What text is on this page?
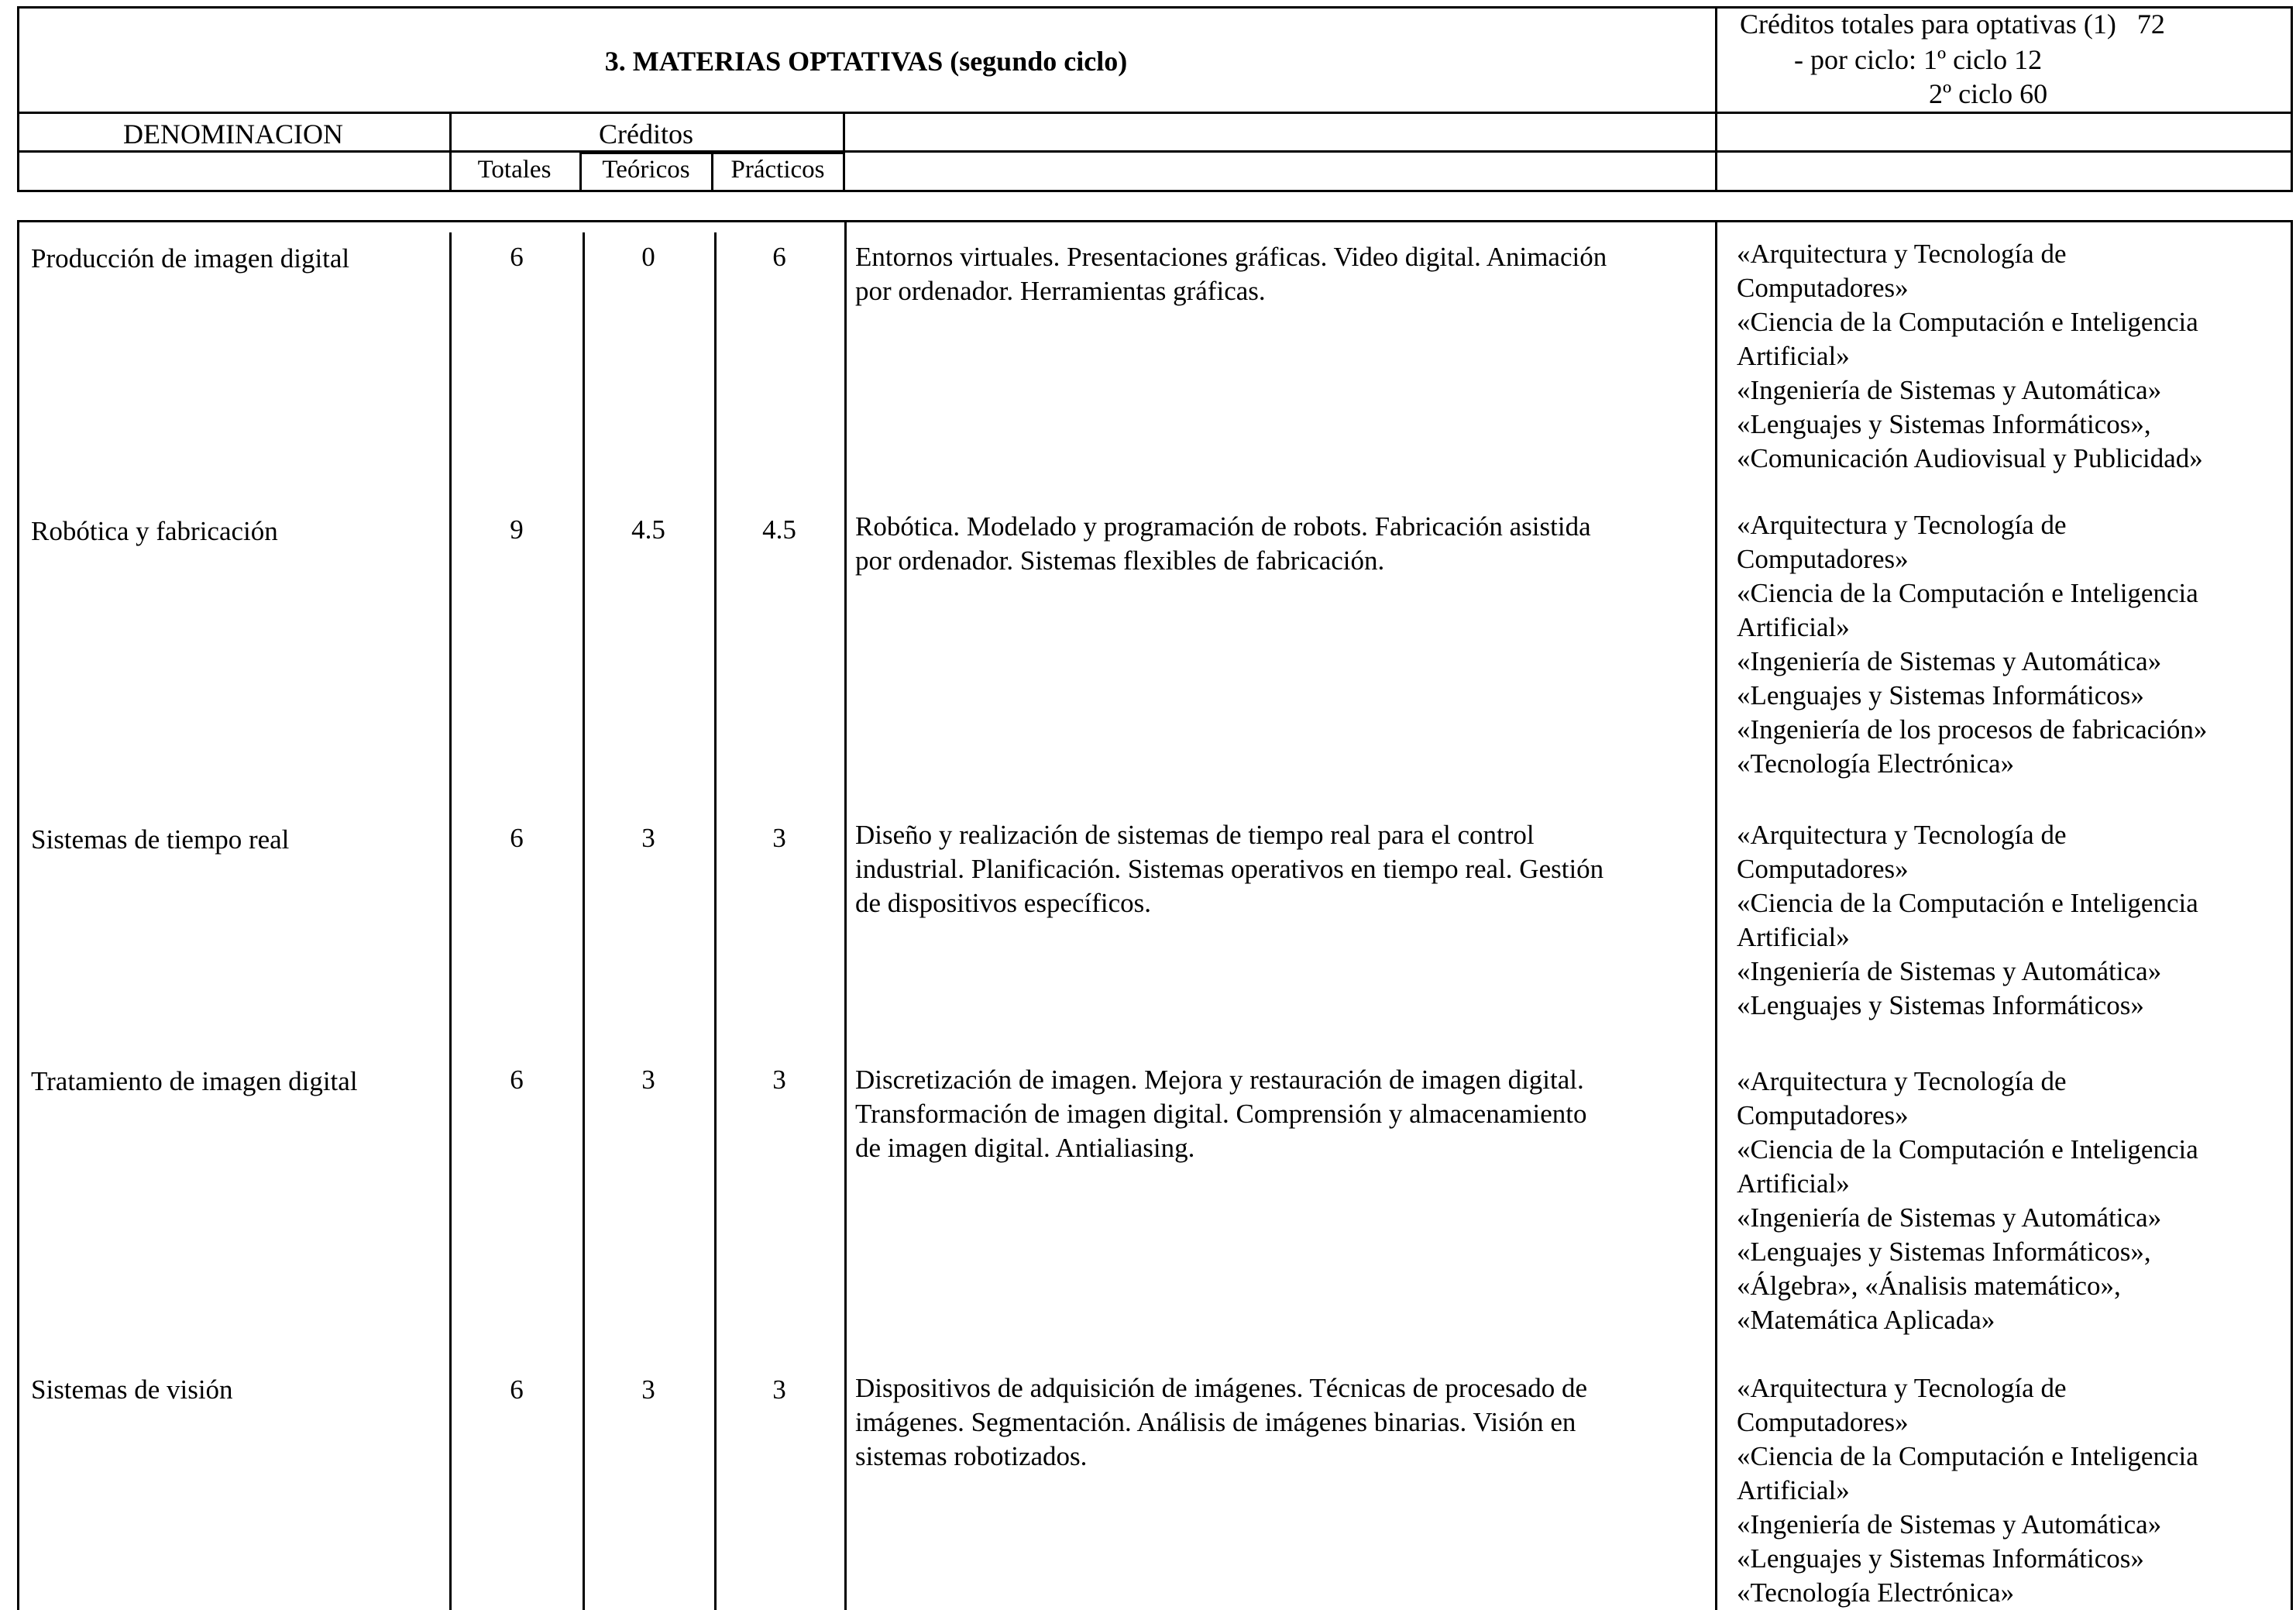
3. MATERIAS OPTATIVAS (segundo ciclo)
Créditos totales para optativas (1)   72
- por ciclo: 1º ciclo 12
2º ciclo 60
DENOMINACION	Créditos
Totales	Teóricos	Prácticos
Producción de imagen digital	6	0	6	Entornos virtuales. Presentaciones gráficas. Video digital. Animación
por ordenador. Herramientas gráficas.
«Arquitectura y Tecnología de
Computadores»
«Ciencia de la Computación e Inteligencia
Artificial»
«Ingeniería de Sistemas y Automática»
«Lenguajes y Sistemas Informáticos»,
«Comunicación Audiovisual y Publicidad»
Robótica y fabricación	9	4.5	4.5	Robótica. Modelado y programación de robots. Fabricación asistida
por ordenador. Sistemas flexibles de fabricación.
«Arquitectura y Tecnología de
Computadores»
«Ciencia de la Computación e Inteligencia
Artificial»
«Ingeniería de Sistemas y Automática»
«Lenguajes y Sistemas Informáticos»
«Ingeniería de los procesos de fabricación»
«Tecnología Electrónica»
Sistemas de tiempo real	6	3	3	Diseño y realización de sistemas de tiempo real para el control
industrial. Planificación. Sistemas operativos en tiempo real. Gestión
de dispositivos específicos.
«Arquitectura y Tecnología de
Computadores»
«Ciencia de la Computación e Inteligencia
Artificial»
«Ingeniería de Sistemas y Automática»
«Lenguajes y Sistemas Informáticos»
Tratamiento de imagen digital	6	3	3	Discretización de imagen. Mejora y restauración de imagen digital.
Transformación de imagen digital. Comprensión y almacenamiento
de imagen digital. Antialiasing.
«Arquitectura y Tecnología de
Computadores»
«Ciencia de la Computación e Inteligencia
Artificial»
«Ingeniería de Sistemas y Automática»
«Lenguajes y Sistemas Informáticos»,
«Álgebra», «Ánalisis matemático»,
«Matemática Aplicada»
Sistemas de visión	6	3	3	Dispositivos de adquisición de imágenes. Técnicas de procesado de
imágenes. Segmentación. Análisis de imágenes binarias. Visión en
sistemas robotizados.
«Arquitectura y Tecnología de
Computadores»
«Ciencia de la Computación e Inteligencia
Artificial»
«Ingeniería de Sistemas y Automática»
«Lenguajes y Sistemas Informáticos»
«Tecnología Electrónica»
